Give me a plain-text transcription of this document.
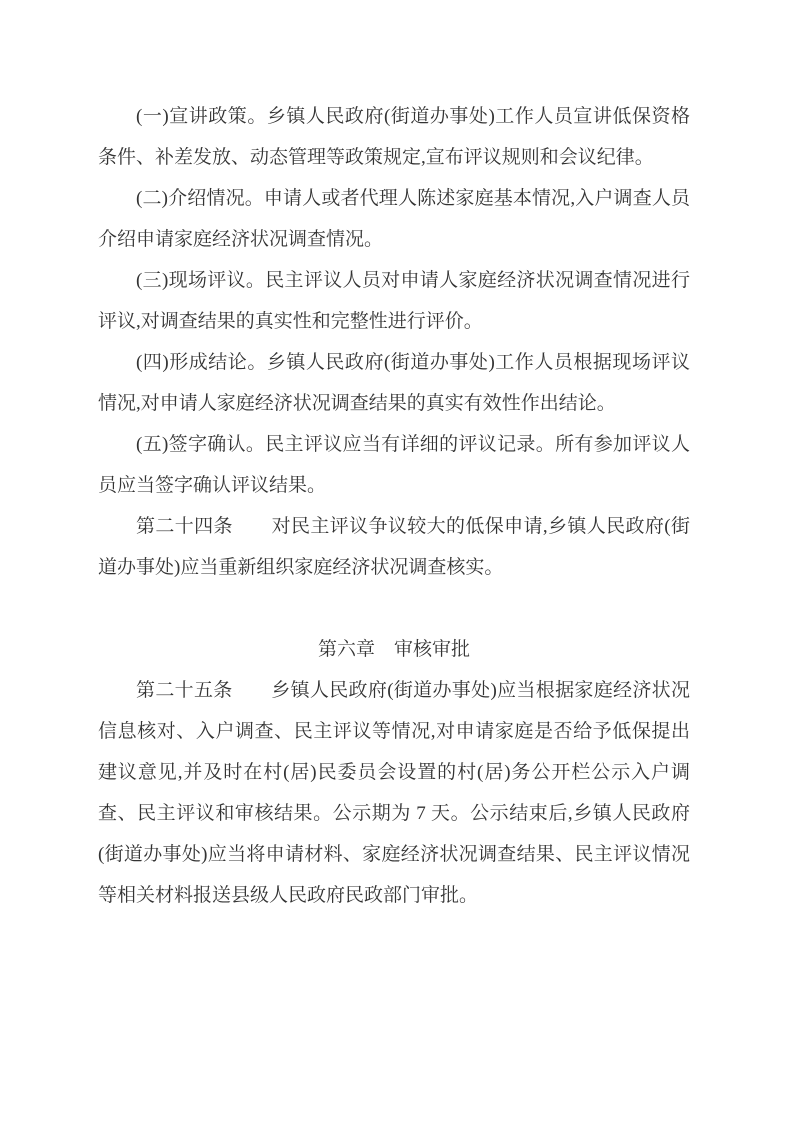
(一)宣讲政策。乡镇人民政府(街道办事处)工作人员宣讲低保资格条件、补差发放、动态管理等政策规定,宣布评议规则和会议纪律。

(二)介绍情况。申请人或者代理人陈述家庭基本情况,入户调查人员介绍申请家庭经济状况调查情况。

(三)现场评议。民主评议人员对申请人家庭经济状况调查情况进行评议,对调查结果的真实性和完整性进行评价。

(四)形成结论。乡镇人民政府(街道办事处)工作人员根据现场评议情况,对申请人家庭经济状况调查结果的真实有效性作出结论。

(五)签字确认。民主评议应当有详细的评议记录。所有参加评议人员应当签字确认评议结果。

第二十四条　　对民主评议争议较大的低保申请,乡镇人民政府(街道办事处)应当重新组织家庭经济状况调查核实。

第六章　审核审批

第二十五条　　乡镇人民政府(街道办事处)应当根据家庭经济状况信息核对、入户调查、民主评议等情况,对申请家庭是否给予低保提出建议意见,并及时在村(居)民委员会设置的村(居)务公开栏公示入户调查、民主评议和审核结果。公示期为 7 天。公示结束后,乡镇人民政府(街道办事处)应当将申请材料、家庭经济状况调查结果、民主评议情况等相关材料报送县级人民政府民政部门审批。
